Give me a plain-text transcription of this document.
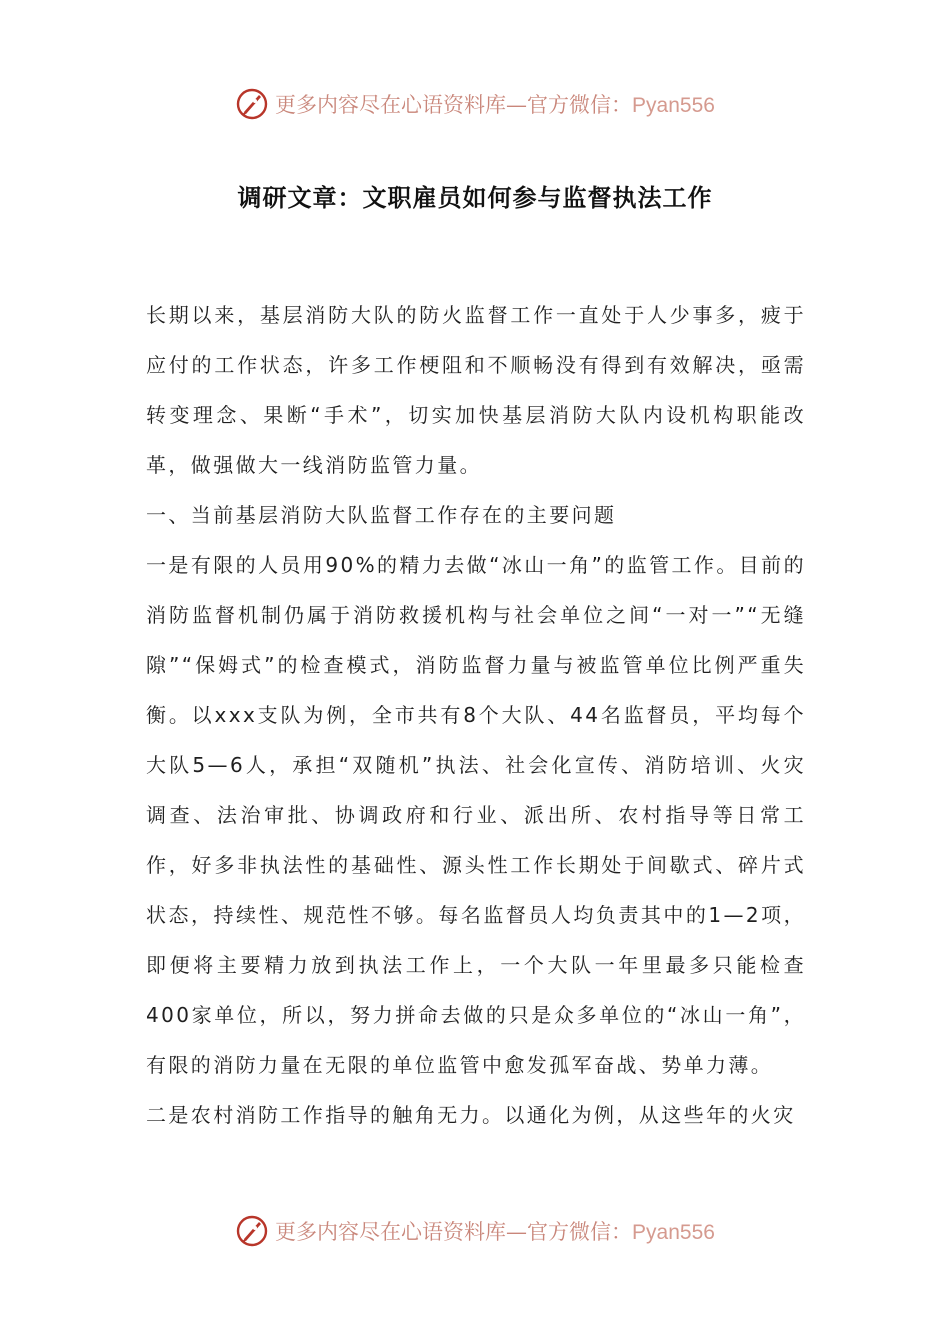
更多内容尽在心语资料库—官方微信：Pyan556
调研文章：文职雇员如何参与监督执法工作

长期以来，基层消防大队的防火监督工作一直处于人少事多，疲于应付的工作状态，许多工作梗阻和不顺畅没有得到有效解决，亟需转变理念、果断“手术”，切实加快基层消防大队内设机构职能改革，做强做大一线消防监管力量。

一、当前基层消防大队监督工作存在的主要问题

一是有限的人员用90%的精力去做“冰山一角”的监管工作。目前的消防监督机制仍属于消防救援机构与社会单位之间“一对一”“无缝隙”“保姆式”的检查模式，消防监督力量与被监管单位比例严重失衡。以xxx支队为例，全市共有8个大队、44名监督员，平均每个大队5—6人，承担“双随机”执法、社会化宣传、消防培训、火灾调查、法治审批、协调政府和行业、派出所、农村指导等日常工作，好多非执法性的基础性、源头性工作长期处于间歇式、碎片式状态，持续性、规范性不够。每名监督员人均负责其中的1—2项，即便将主要精力放到执法工作上，一个大队一年里最多只能检查400家单位，所以，努力拼命去做的只是众多单位的“冰山一角”，有限的消防力量在无限的单位监管中愈发孤军奋战、势单力薄。

二是农村消防工作指导的触角无力。以通化为例，从这些年的火灾

更多内容尽在心语资料库—官方微信：Pyan556
